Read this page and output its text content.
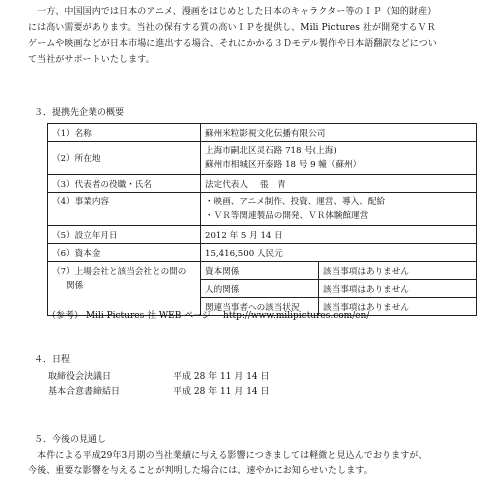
　一方、中国国内では日本のアニメ、漫画をはじめとした日本のキャラクター等のＩＰ（知的財産）
には高い需要があります。当社の保有する質の高いＩＰを提供し、Mili Pictures 社が開発するＶＲ
ゲームや映画などが日本市場に進出する場合、それにかかる３Ｄモデル製作や日本語翻訳などについ
て当社がサポートいたします。
３．提携先企業の概要
（1）名称	蘇州米粒影視文化伝播有限公司	
（2）所在地	上海市嗣北区灵石路 718 号(上海)
蘇州市相城区开泰路 18 号 9 幢（蘇州）	

（3）代表者の役職・氏名	法定代表人 張　青	
（4）事業内容	・映画、アニメ制作、投資、運営、導入、配給
・ＶＲ等関連製品の開発、ＶＲ体験館運営	

（5）設立年月日	2012 年 5 月 14 日	
（6）資本金	15,416,500 人民元	

（7）上場会社と該当会社との間の
関係	資本関係	該当事項はありません
	人的関係	該当事項はありません
	関連当事者への該当状況	該当事項はありません
（参考） Mili Pictures 社 WEB ページ http://www.milipictures.com/en/
４．日程
取締役会決議日	平成 28 年 11 月 14 日
基本合意書締結日	平成 28 年 11 月 14 日
５．今後の見通し
　本件による平成29年3月期の当社業績に与える影響につきましては軽微と見込んでおりますが、
今後、重要な影響を与えることが判明した場合には、速やかにお知らせいたします。
